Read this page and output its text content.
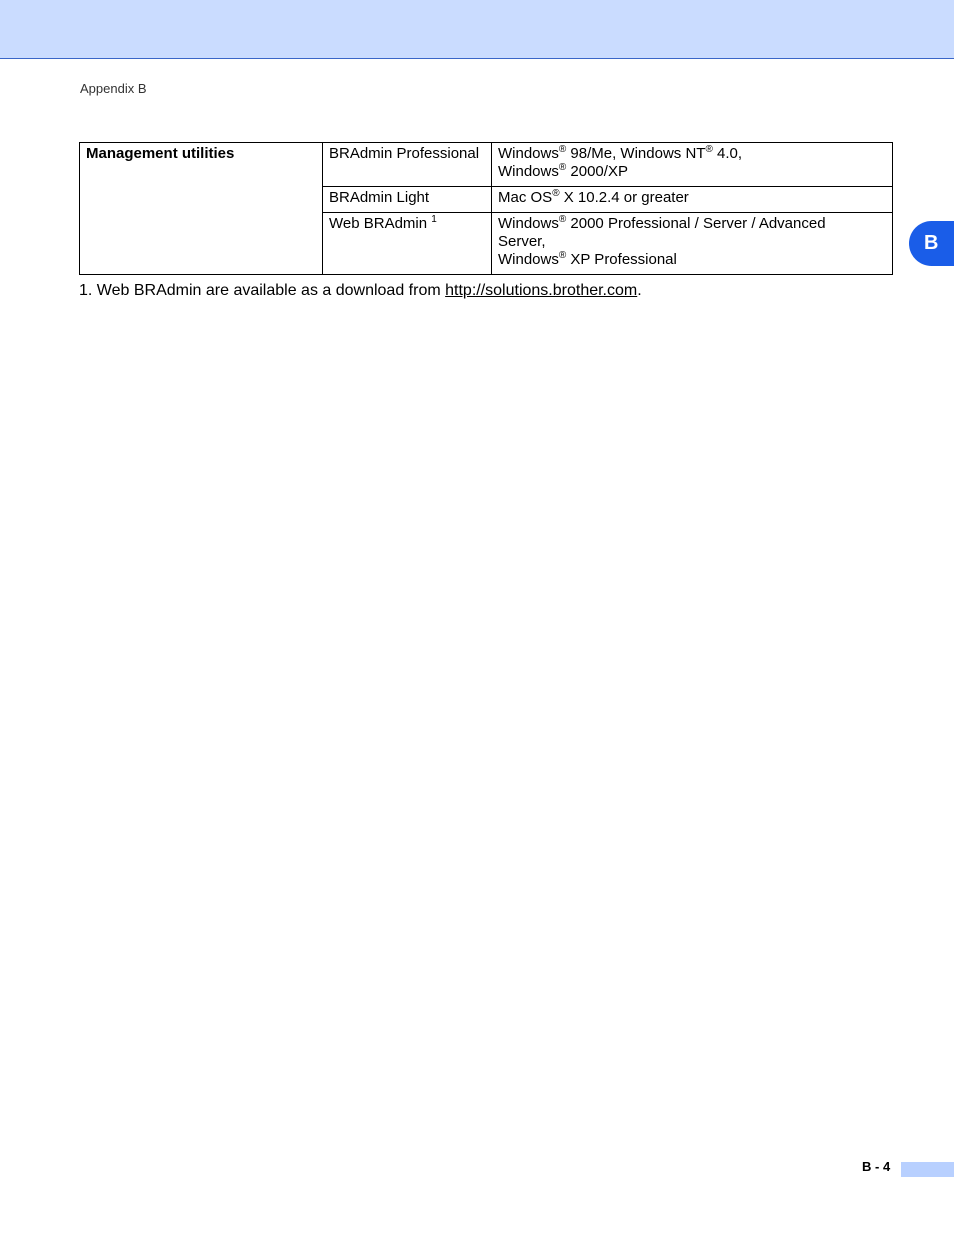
Appendix B
Management utilities	BRAdmin Professional	Windows® 98/Me, Windows NT® 4.0,
Windows® 2000/XP

	BRAdmin Light	Mac OS® X 10.2.4 or greater

	Web BRAdmin $^1$	Windows® 2000 Professional / Server / Advanced
Server,
Windows® XP Professional
1. Web BRAdmin are available as a download from http://solutions.brother.com.
B
B - 4
